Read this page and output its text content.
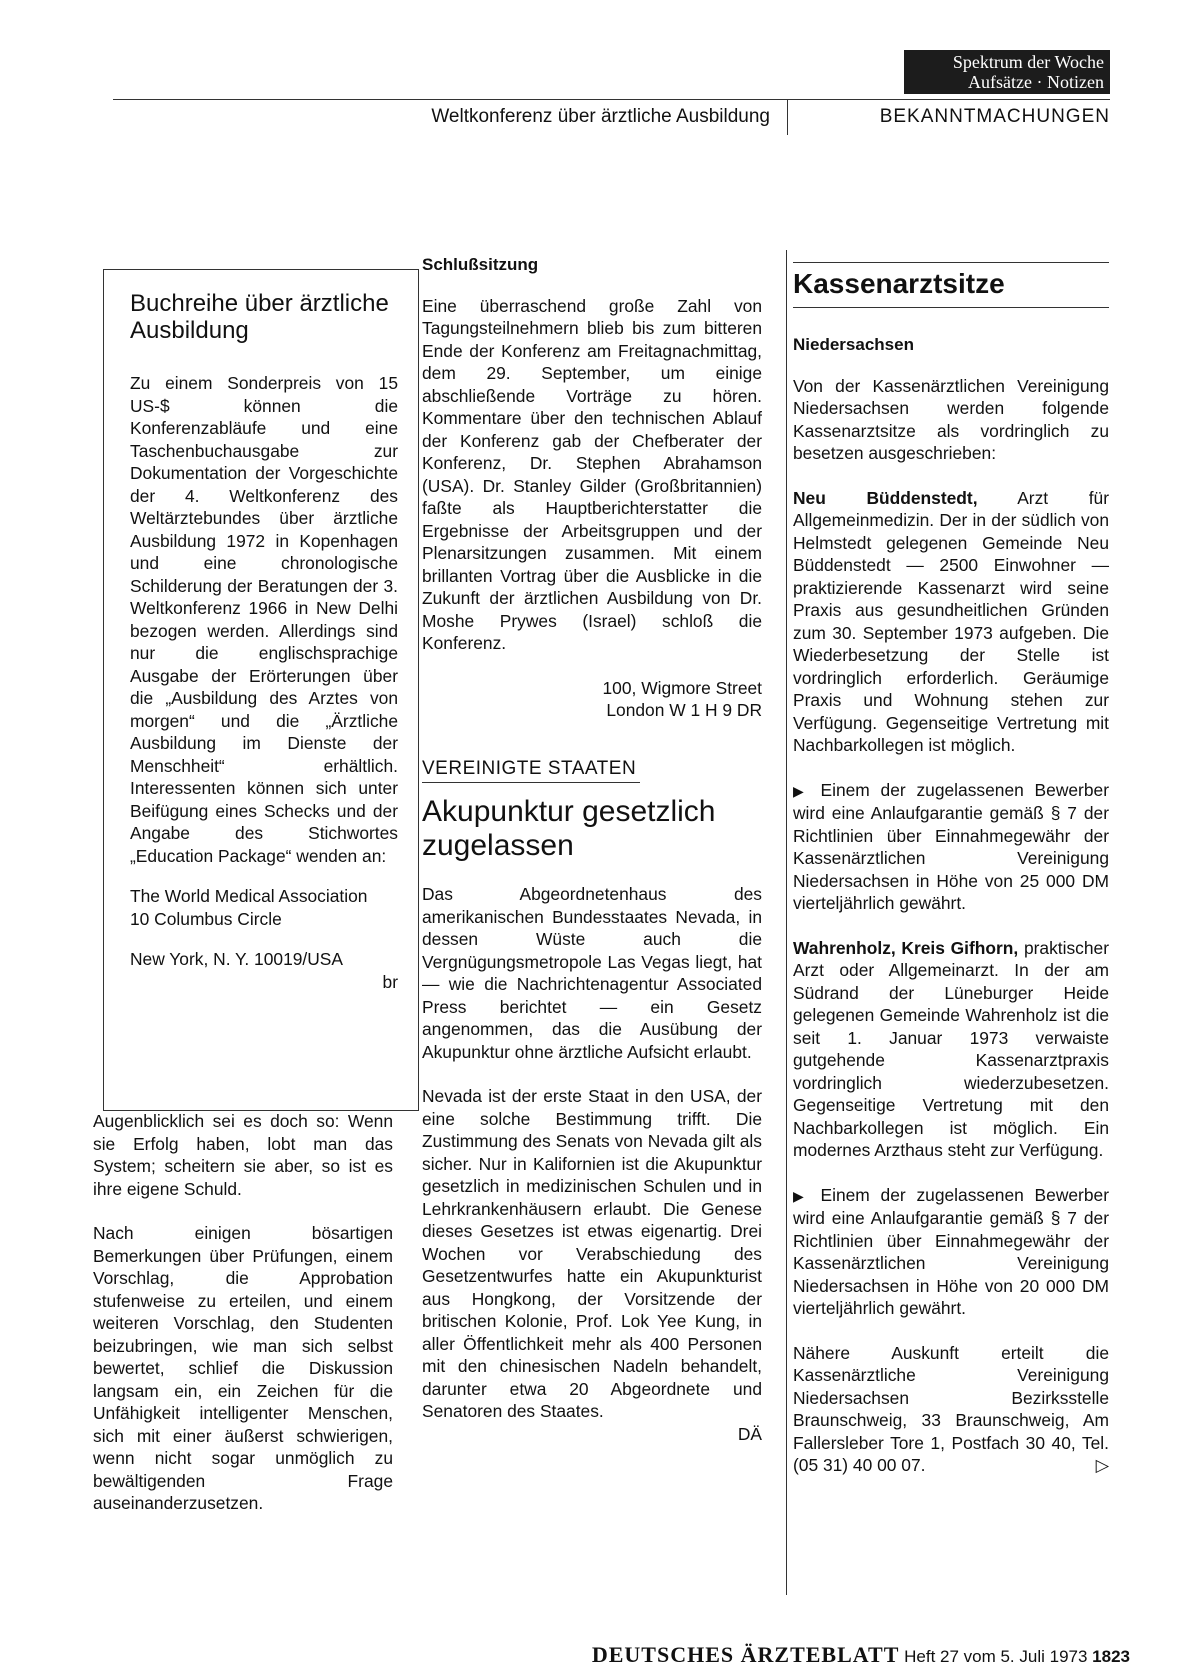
Spektrum der Woche
Aufsätze · Notizen
Weltkonferenz über ärztliche Ausbildung	BEKANNTMACHUNGEN
Buchreihe über ärztliche Ausbildung

Zu einem Sonderpreis von 15 US-$ können die Konferenzabläufe und eine Taschenbuchausgabe zur Dokumentation der Vorgeschichte der 4. Weltkonferenz des Weltärztebundes über ärztliche Ausbildung 1972 in Kopenhagen und eine chronologische Schilderung der Beratungen der 3. Weltkonferenz 1966 in New Delhi bezogen werden. Allerdings sind nur die englischsprachige Ausgabe der Erörterungen über die „Ausbildung des Arztes von morgen“ und die „Ärztliche Ausbildung im Dienste der Menschheit“ erhältlich. Interessenten können sich unter Beifügung eines Schecks und der Angabe des Stichwortes „Education Package“ wenden an:

The World Medical Association
10 Columbus Circle
New York, N. Y. 10019/USA
br

Augenblicklich sei es doch so: Wenn sie Erfolg haben, lobt man das System; scheitern sie aber, so ist es ihre eigene Schuld.

Nach einigen bösartigen Bemerkungen über Prüfungen, einem Vorschlag, die Approbation stufenweise zu erteilen, und einem weiteren Vorschlag, den Studenten beizubringen, wie man sich selbst bewertet, schlief die Diskussion langsam ein, ein Zeichen für die Unfähigkeit intelligenter Menschen, sich mit einer äußerst schwierigen, wenn nicht sogar unmöglich zu bewältigenden Frage auseinanderzusetzen.

Schlußsitzung

Eine überraschend große Zahl von Tagungsteilnehmern blieb bis zum bitteren Ende der Konferenz am Freitagnachmittag, dem 29. September, um einige abschließende Vorträge zu hören. Kommentare über den technischen Ablauf der Konferenz gab der Chefberater der Konferenz, Dr. Stephen Abrahamson (USA). Dr. Stanley Gilder (Großbritannien) faßte als Hauptberichterstatter die Ergebnisse der Arbeitsgruppen und der Plenarsitzungen zusammen. Mit einem brillanten Vortrag über die Ausblicke in die Zukunft der ärztlichen Ausbildung von Dr. Moshe Prywes (Israel) schloß die Konferenz.

100, Wigmore Street
London W 1 H 9 DR
VEREINIGTE STAATEN
Akupunktur gesetzlich zugelassen

Das Abgeordnetenhaus des amerikanischen Bundesstaates Nevada, in dessen Wüste auch die Vergnügungsmetropole Las Vegas liegt, hat — wie die Nachrichtenagentur Associated Press berichtet — ein Gesetz angenommen, das die Ausübung der Akupunktur ohne ärztliche Aufsicht erlaubt.

Nevada ist der erste Staat in den USA, der eine solche Bestimmung trifft. Die Zustimmung des Senats von Nevada gilt als sicher. Nur in Kalifornien ist die Akupunktur gesetzlich in medizinischen Schulen und in Lehrkrankenhäusern erlaubt. Die Genese dieses Gesetzes ist etwas eigenartig. Drei Wochen vor Verabschiedung des Gesetzentwurfes hatte ein Akupunkturist aus Hongkong, der Vorsitzende der britischen Kolonie, Prof. Lok Yee Kung, in aller Öffentlichkeit mehr als 400 Personen mit den chinesischen Nadeln behandelt, darunter etwa 20 Abgeordnete und Senatoren des Staates.

DÄ
Kassenarztsitze
Niedersachsen

Von der Kassenärztlichen Vereinigung Niedersachsen werden folgende Kassenarztsitze als vordringlich zu besetzen ausgeschrieben:

Neu Büddenstedt, Arzt für Allgemeinmedizin. Der in der südlich von Helmstedt gelegenen Gemeinde Neu Büddenstedt — 2500 Einwohner — praktizierende Kassenarzt wird seine Praxis aus gesundheitlichen Gründen zum 30. September 1973 aufgeben. Die Wiederbesetzung der Stelle ist vordringlich erforderlich. Geräumige Praxis und Wohnung stehen zur Verfügung. Gegenseitige Vertretung mit Nachbarkollegen ist möglich.

▶ Einem der zugelassenen Bewerber wird eine Anlaufgarantie gemäß § 7 der Richtlinien über Einnahmegewähr der Kassenärztlichen Vereinigung Niedersachsen in Höhe von 25 000 DM vierteljährlich gewährt.

Wahrenholz, Kreis Gifhorn, praktischer Arzt oder Allgemeinarzt. In der am Südrand der Lüneburger Heide gelegenen Gemeinde Wahrenholz ist die seit 1. Januar 1973 verwaiste gutgehende Kassenarztpraxis vordringlich wiederzubesetzen. Gegenseitige Vertretung mit den Nachbarkollegen ist möglich. Ein modernes Arzthaus steht zur Verfügung.

▶ Einem der zugelassenen Bewerber wird eine Anlaufgarantie gemäß § 7 der Richtlinien über Einnahmegewähr der Kassenärztlichen Vereinigung Niedersachsen in Höhe von 20 000 DM vierteljährlich gewährt.

Nähere Auskunft erteilt die Kassenärztliche Vereinigung Niedersachsen Bezirksstelle Braunschweig, 33 Braunschweig, Am Fallersleber Tore 1, Postfach 30 40, Tel. (05 31) 40 00 07.	▷

DEUTSCHES ÄRZTEBLATT Heft 27 vom 5. Juli 1973 1823
